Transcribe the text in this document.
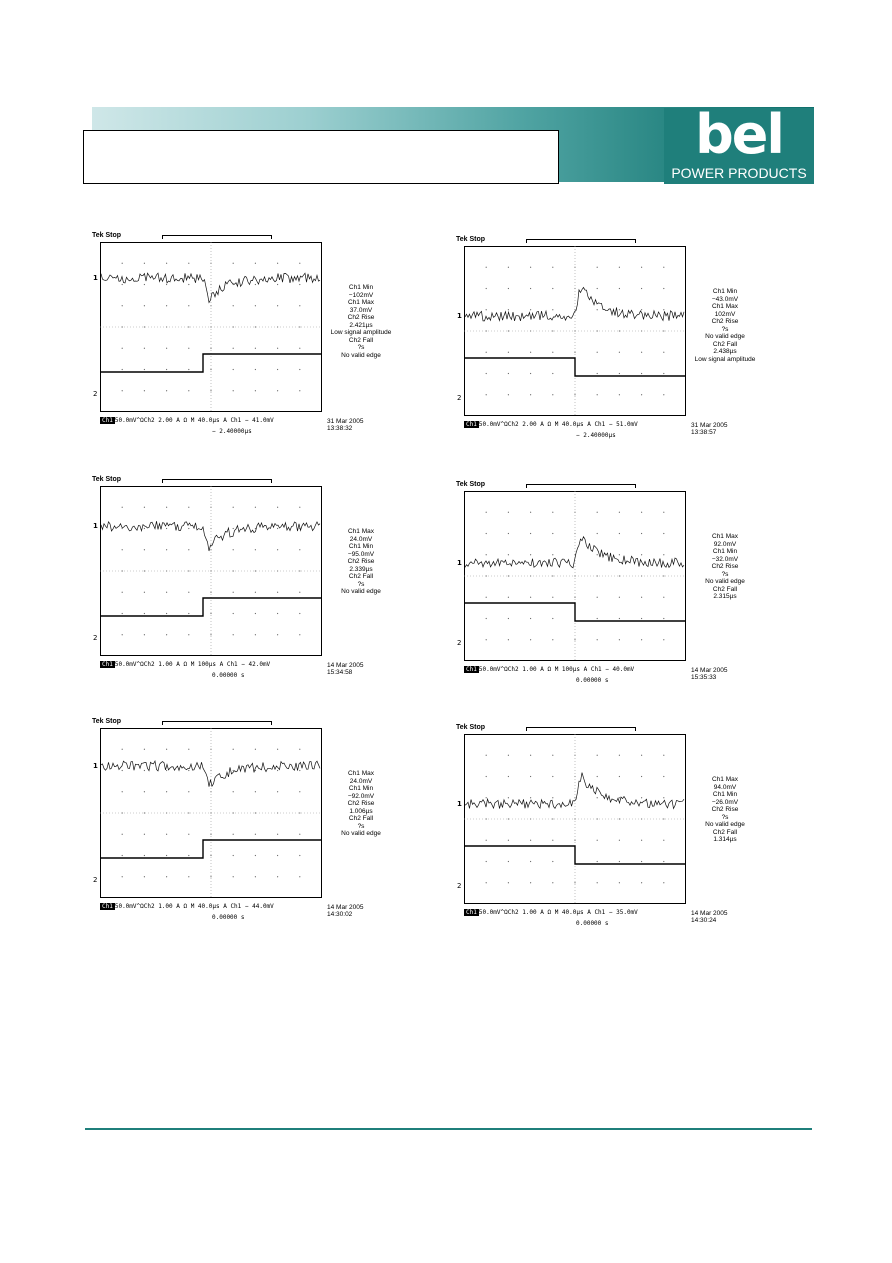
bel
POWER PRODUCTS
Tek Stop
1
2
Ch1 Min
−102mV
Ch1 Max
37.0mV
Ch2 Rise
2.421µs
Low signal amplitude
Ch2 Fall
?s
No valid edge
Ch1 50.0mV^ΩCh2 2.00 A Ω M 40.0µs A Ch1 − 41.0mV
− 2.40000µs
31 Mar 2005
13:38:32
Tek Stop
1
2
Ch1 Min
−43.0mV
Ch1 Max
102mV
Ch2 Rise
?s
No valid edge
Ch2 Fall
2.438µs
Low signal amplitude
Ch1 50.0mV^ΩCh2 2.00 A Ω M 40.0µs A Ch1 − 51.0mV
− 2.40000µs
31 Mar 2005
13:38:57
Tek Stop
1
2
Ch1 Max
24.0mV
Ch1 Min
−95.0mV
Ch2 Rise
2.339µs
Ch2 Fall
?s
No valid edge
Ch1 50.0mV^ΩCh2 1.00 A Ω M 100µs A Ch1 − 42.0mV
0.00000 s
14 Mar 2005
15:34:58
Tek Stop
1
2
Ch1 Max
92.0mV
Ch1 Min
−32.0mV
Ch2 Rise
?s
No valid edge
Ch2 Fall
2.315µs
Ch1 50.0mV^ΩCh2 1.00 A Ω M 100µs A Ch1 − 40.0mV
0.00000 s
14 Mar 2005
15:35:33
Tek Stop
1
2
Ch1 Max
24.0mV
Ch1 Min
−92.0mV
Ch2 Rise
1.006µs
Ch2 Fall
?s
No valid edge
Ch1 50.0mV^ΩCh2 1.00 A Ω M 40.0µs A Ch1 − 44.0mV
0.00000 s
14 Mar 2005
14:30:02
Tek Stop
1
2
Ch1 Max
94.0mV
Ch1 Min
−26.0mV
Ch2 Rise
?s
No valid edge
Ch2 Fall
1.314µs
Ch1 50.0mV^ΩCh2 1.00 A Ω M 40.0µs A Ch1 − 35.0mV
0.00000 s
14 Mar 2005
14:30:24
